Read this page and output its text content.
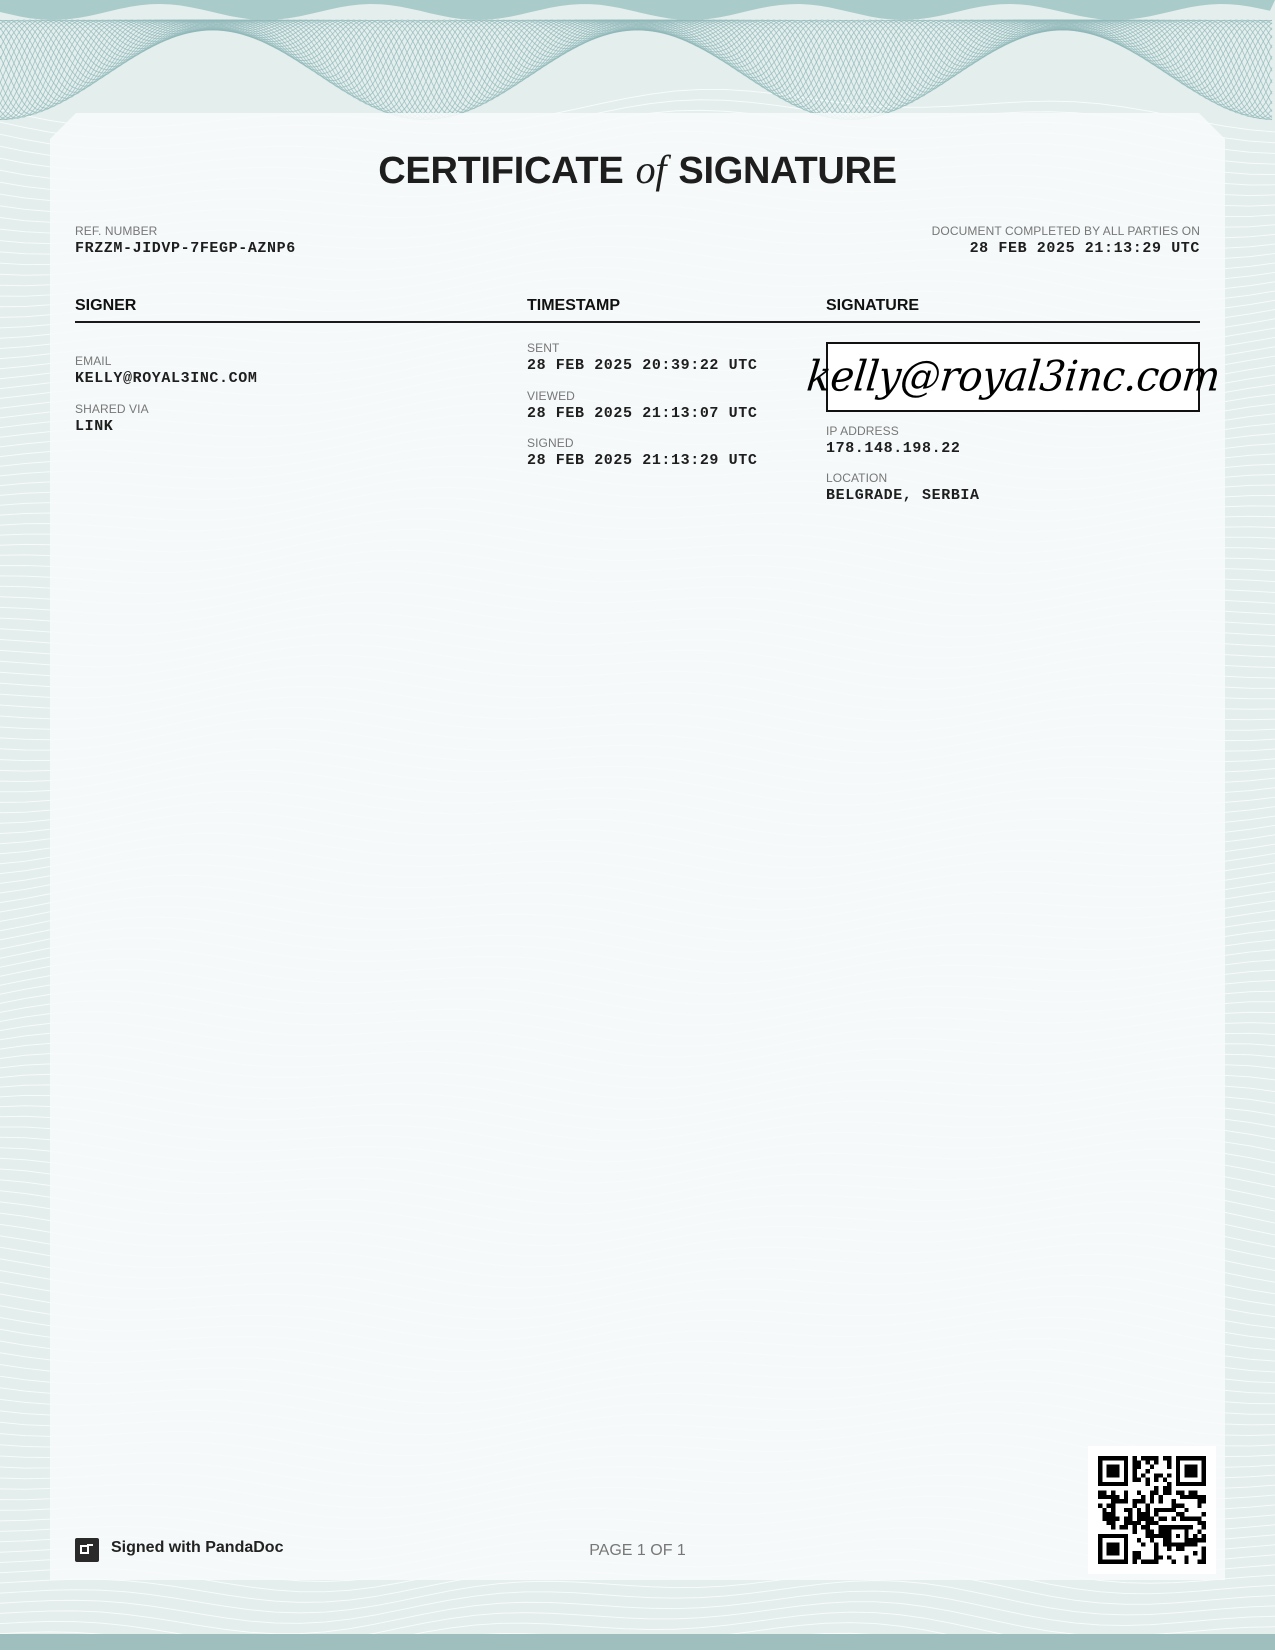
CERTIFICATE of SIGNATURE
REF. NUMBER
FRZZM-JIDVP-7FEGP-AZNP6
DOCUMENT COMPLETED BY ALL PARTIES ON
28 FEB 2025 21:13:29 UTC
SIGNER	TIMESTAMP	SIGNATURE
EMAIL
KELLY@ROYAL3INC.COM
SHARED VIA
LINK
SENT
28 FEB 2025 20:39:22 UTC
VIEWED
28 FEB 2025 21:13:07 UTC
SIGNED
28 FEB 2025 21:13:29 UTC
kelly@royal3inc.com
IP ADDRESS
178.148.198.22
LOCATION
BELGRADE, SERBIA
Signed with PandaDoc	PAGE 1 OF 1
